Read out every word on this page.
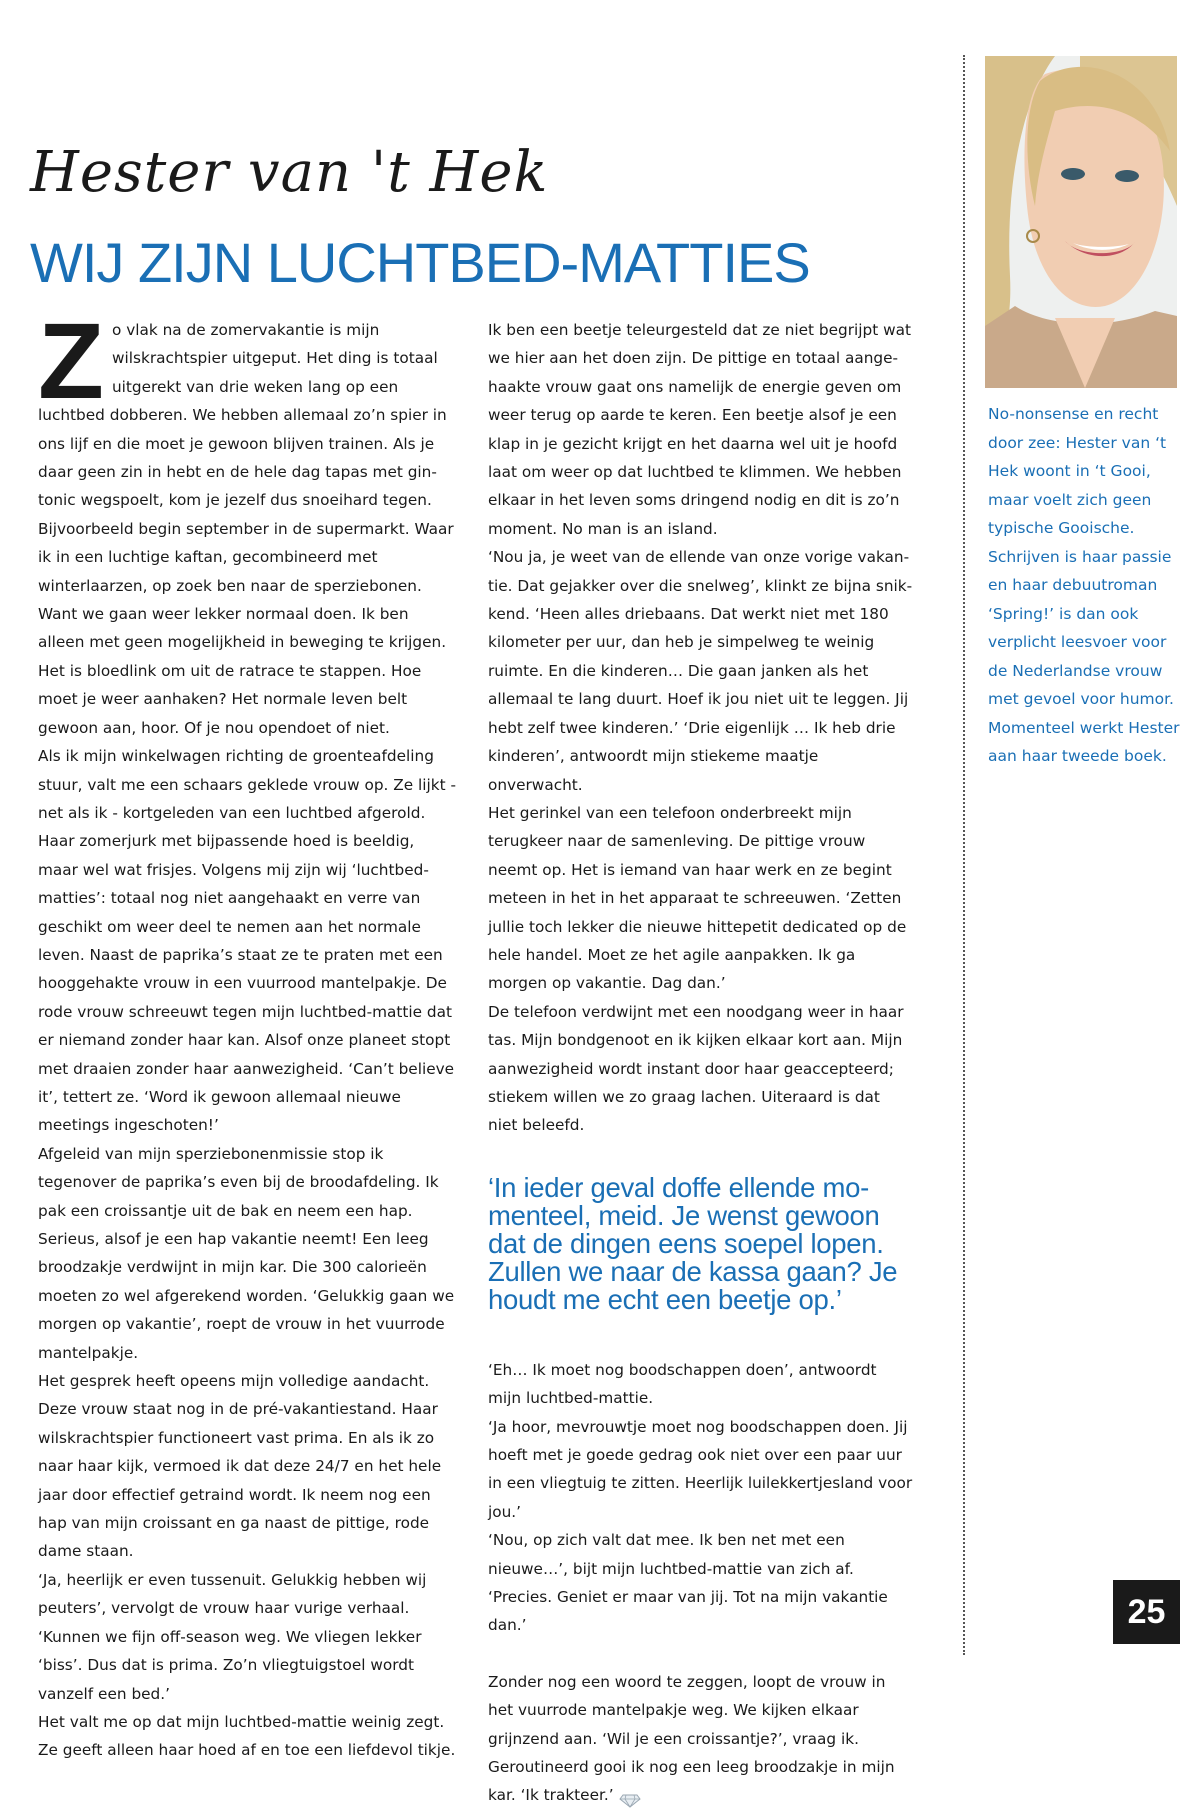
Hester van 't Hek
WIJ ZIJN LUCHTBED-MATTIES

Zo vlak na de zomervakantie is mijn wilskrachtspier uitgeput. Het ding is totaal uitgerekt van drie weken lang op een luchtbed dobberen. We hebben allemaal zo’n spier in ons lijf en die moet je gewoon blijven trainen. Als je daar geen zin in hebt en de hele dag tapas met gin-tonic wegspoelt, kom je jezelf dus snoeihard tegen.

Bijvoorbeeld begin september in de supermarkt. Waar ik in een luchtige kaftan, gecombineerd met winterlaarzen, op zoek ben naar de sperziebonen. Want we gaan weer lekker normaal doen. Ik ben alleen met geen mogelijkheid in beweging te krijgen. Het is bloedlink om uit de ratrace te stappen. Hoe moet je weer aanhaken? Het normale leven belt gewoon aan, hoor. Of je nou opendoet of niet.

Als ik mijn winkelwagen richting de groenteafdeling stuur, valt me een schaars geklede vrouw op. Ze lijkt - net als ik - kortgeleden van een luchtbed afgerold. Haar zomerjurk met bijpassende hoed is beeldig, maar wel wat frisjes. Volgens mij zijn wij ‘luchtbed-matties’: totaal nog niet aangehaakt en verre van geschikt om weer deel te nemen aan het normale leven. Naast de paprika’s staat ze te praten met een hooggehakte vrouw in een vuurrood mantelpakje. De rode vrouw schreeuwt tegen mijn luchtbed-mattie dat er niemand zonder haar kan. Alsof onze planeet stopt met draaien zonder haar aanwezigheid. ‘Can’t believe it’, tettert ze. ‘Word ik gewoon allemaal nieuwe meetings ingeschoten!’

Afgeleid van mijn sperziebonenmissie stop ik tegenover de paprika’s even bij de broodafdeling. Ik pak een croissantje uit de bak en neem een hap. Serieus, alsof je een hap vakantie neemt! Een leeg broodzakje verdwijnt in mijn kar. Die 300 calorieën moeten zo wel afgerekend worden. ‘Gelukkig gaan we morgen op vakantie’, roept de vrouw in het vuurrode mantelpakje.

Het gesprek heeft opeens mijn volledige aandacht. Deze vrouw staat nog in de pré-vakantiestand. Haar wilskrachtspier functioneert vast prima. En als ik zo naar haar kijk, vermoed ik dat deze 24/7 en het hele jaar door effectief getraind wordt. Ik neem nog een hap van mijn croissant en ga naast de pittige, rode dame staan.

‘Ja, heerlijk er even tussenuit. Gelukkig hebben wij peuters’, vervolgt de vrouw haar vurige verhaal. ‘Kunnen we fijn off-season weg. We vliegen lekker ‘biss’. Dus dat is prima. Zo’n vliegtuigstoel wordt vanzelf een bed.’

Het valt me op dat mijn luchtbed-mattie weinig zegt. Ze geeft alleen haar hoed af en toe een liefdevol tikje.

Ik ben een beetje teleurgesteld dat ze niet begrijpt wat we hier aan het doen zijn. De pittige en totaal aangehaakte vrouw gaat ons namelijk de energie geven om weer terug op aarde te keren. Een beetje alsof je een klap in je gezicht krijgt en het daarna wel uit je hoofd laat om weer op dat luchtbed te klimmen. We hebben elkaar in het leven soms dringend nodig en dit is zo’n moment. No man is an island.

‘Nou ja, je weet van de ellende van onze vorige vakantie. Dat gejakker over die snelweg’, klinkt ze bijna snikkend. ‘Heen alles driebaans. Dat werkt niet met 180 kilometer per uur, dan heb je simpelweg te weinig ruimte. En die kinderen… Die gaan janken als het allemaal te lang duurt. Hoef ik jou niet uit te leggen. Jij hebt zelf twee kinderen.’ ‘Drie eigenlijk … Ik heb drie kinderen’, antwoordt mijn stiekeme maatje onverwacht.

Het gerinkel van een telefoon onderbreekt mijn terugkeer naar de samenleving. De pittige vrouw neemt op. Het is iemand van haar werk en ze begint meteen in het in het apparaat te schreeuwen. ‘Zetten jullie toch lekker die nieuwe hittepetit dedicated op de hele handel. Moet ze het agile aanpakken. Ik ga morgen op vakantie. Dag dan.’

De telefoon verdwijnt met een noodgang weer in haar tas. Mijn bondgenoot en ik kijken elkaar kort aan. Mijn aanwezigheid wordt instant door haar geaccepteerd; stiekem willen we zo graag lachen. Uiteraard is dat niet beleefd.

‘In ieder geval doffe ellende momenteel, meid. Je wenst gewoon dat de dingen eens soepel lopen. Zullen we naar de kassa gaan? Je houdt me echt een beetje op.’

‘Eh… Ik moet nog boodschappen doen’, antwoordt mijn luchtbed-mattie.

‘Ja hoor, mevrouwtje moet nog boodschappen doen. Jij hoeft met je goede gedrag ook niet over een paar uur in een vliegtuig te zitten. Heerlijk luilekkertjesland voor jou.’

‘Nou, op zich valt dat mee. Ik ben net met een nieuwe…’, bijt mijn luchtbed-mattie van zich af.

‘Precies. Geniet er maar van jij. Tot na mijn vakantie dan.’

Zonder nog een woord te zeggen, loopt de vrouw in het vuurrode mantelpakje weg. We kijken elkaar grijnzend aan. ‘Wil je een croissantje?’, vraag ik. Geroutineerd gooi ik nog een leeg broodzakje in mijn kar. ‘Ik trakteer.’

No-nonsense en recht door zee: Hester van ‘t Hek woont in ‘t Gooi, maar voelt zich geen typische Gooische. Schrijven is haar passie en haar debuutroman ‘Spring!’ is dan ook verplicht leesvoer voor de Nederlandse vrouw met gevoel voor humor. Momenteel werkt Hester aan haar tweede boek.

25
